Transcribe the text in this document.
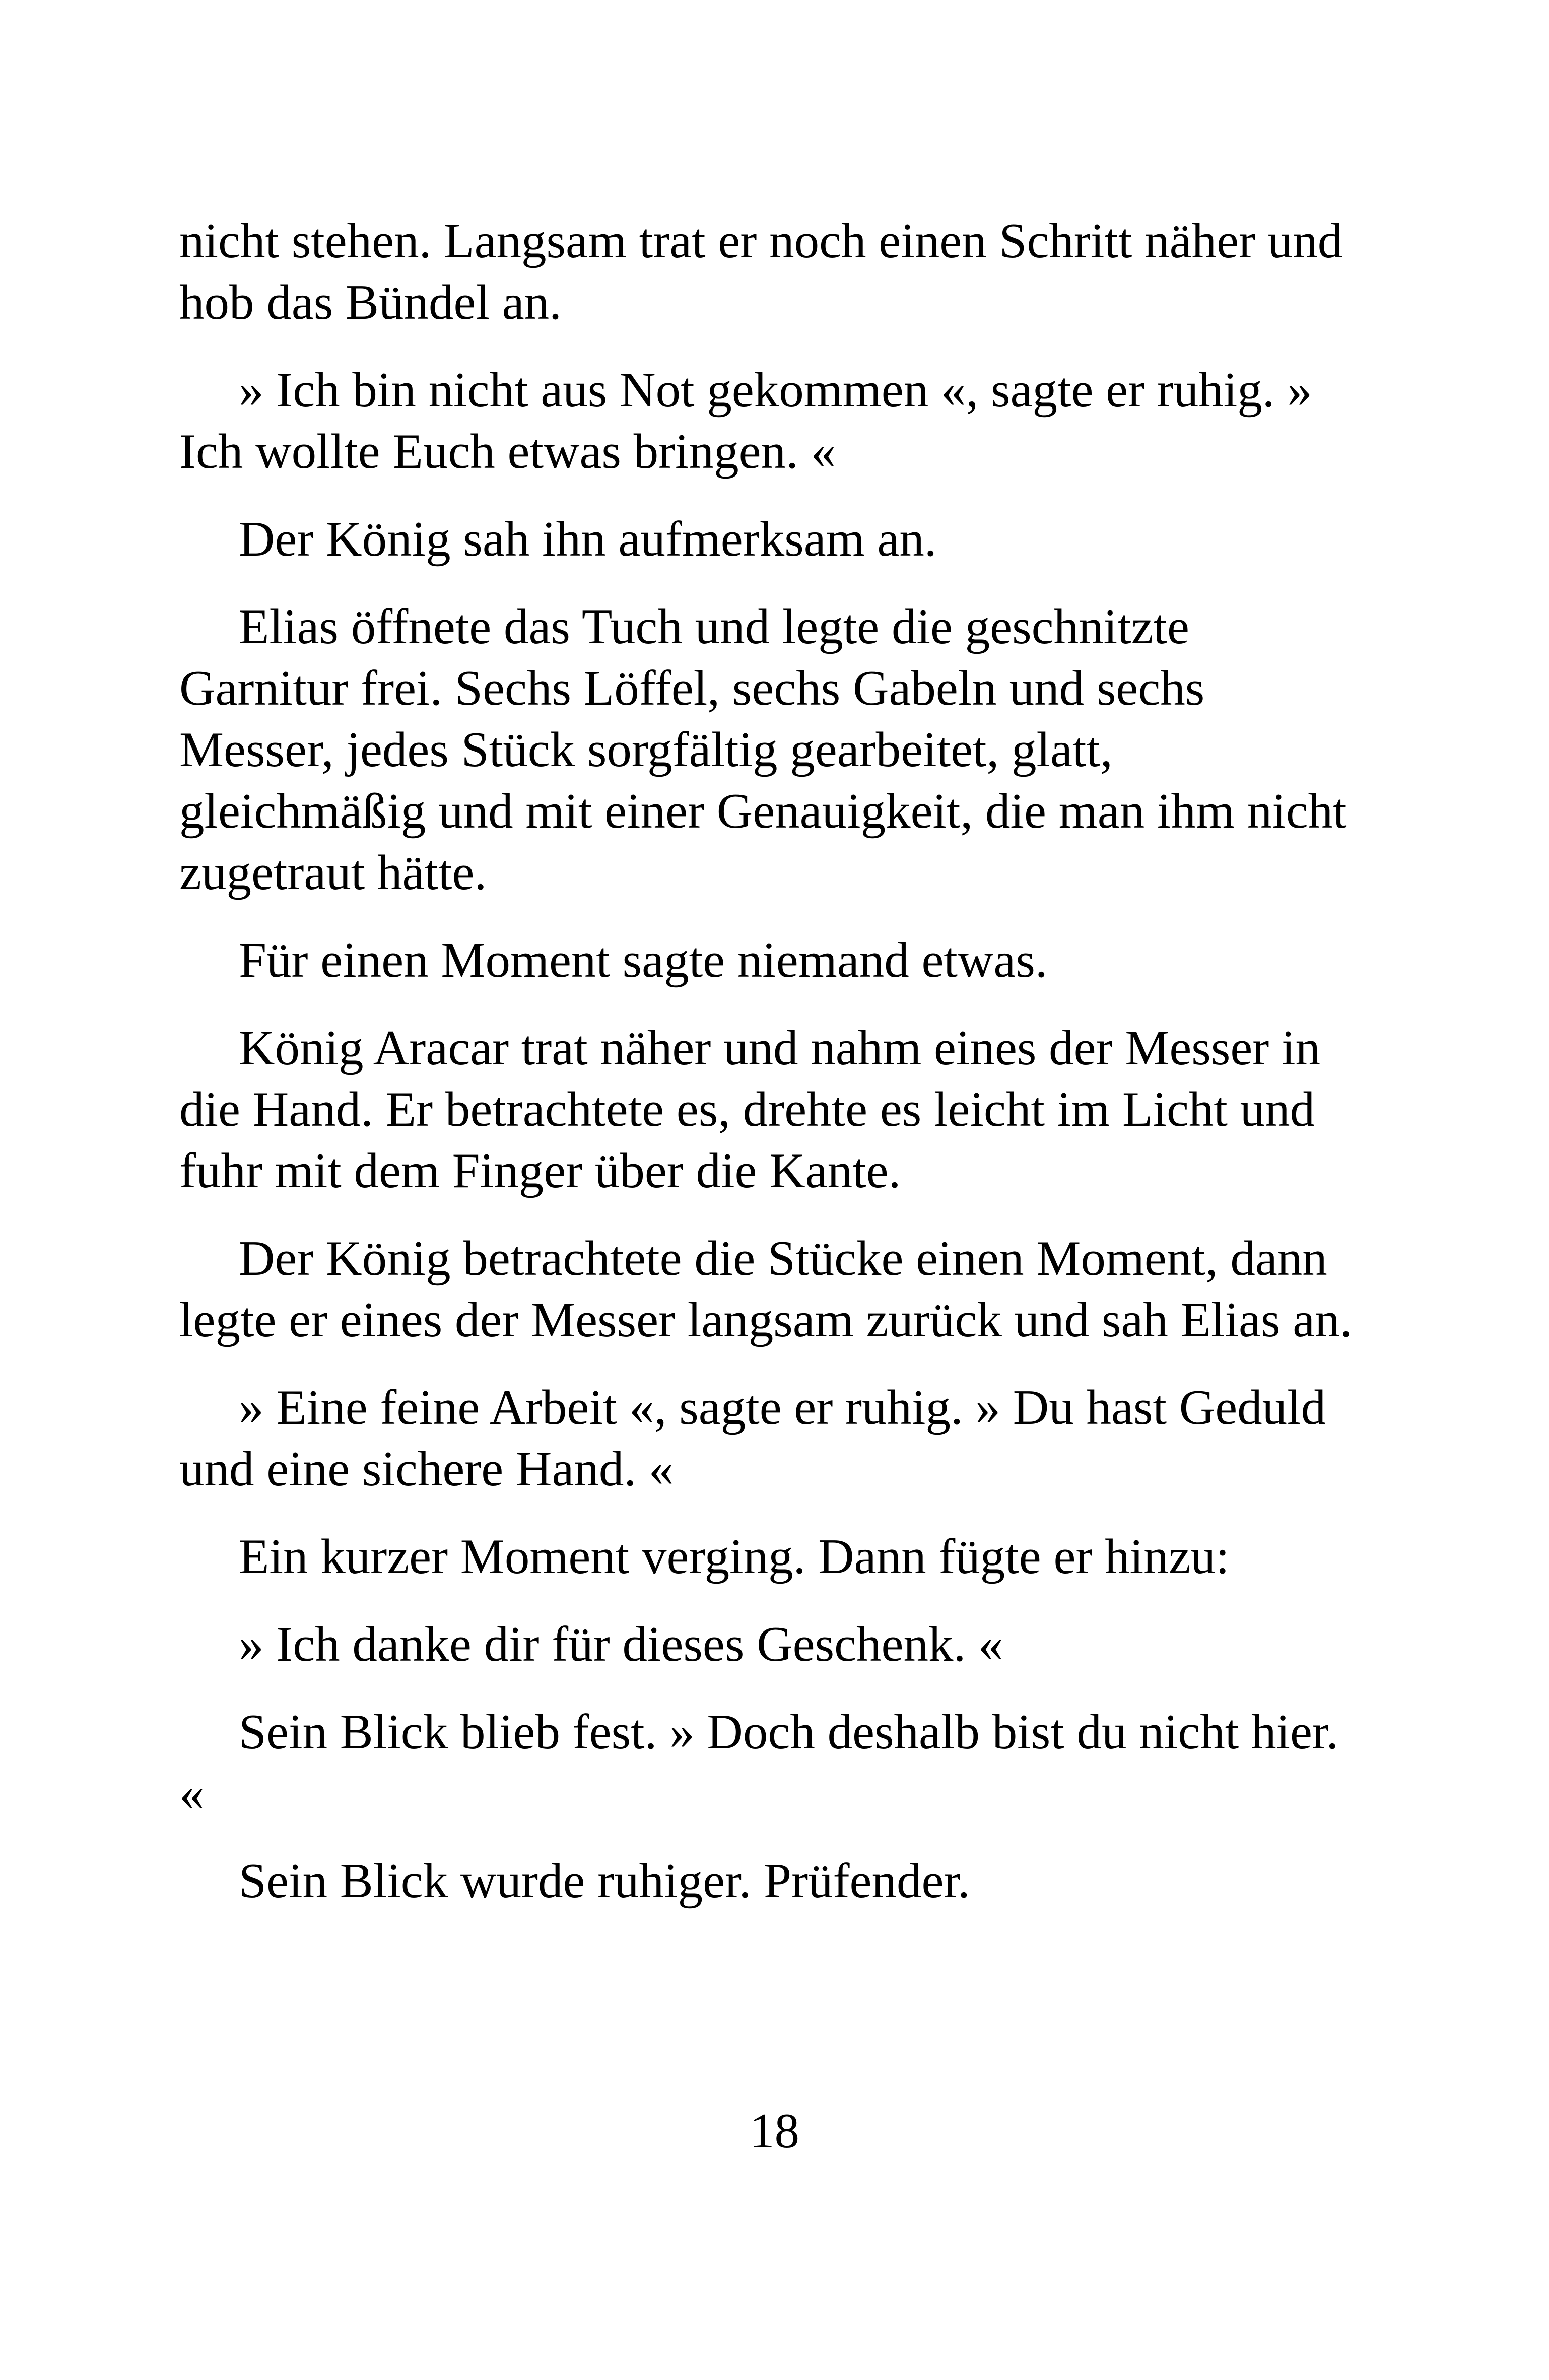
nicht stehen. Langsam trat er noch einen Schritt näher und hob das Bündel an.

» Ich bin nicht aus Not gekommen «, sagte er ruhig. » Ich wollte Euch etwas bringen. «

Der König sah ihn aufmerksam an.

Elias öffnete das Tuch und legte die geschnitzte Garnitur frei. Sechs Löffel, sechs Gabeln und sechs Messer, jedes Stück sorgfältig gearbeitet, glatt, gleichmäßig und mit einer Genauigkeit, die man ihm nicht zugetraut hätte.

Für einen Moment sagte niemand etwas.

König Aracar trat näher und nahm eines der Messer in die Hand. Er betrachtete es, drehte es leicht im Licht und fuhr mit dem Finger über die Kante.

Der König betrachtete die Stücke einen Moment, dann legte er eines der Messer langsam zurück und sah Elias an.

» Eine feine Arbeit «, sagte er ruhig. » Du hast Geduld und eine sichere Hand. «

Ein kurzer Moment verging. Dann fügte er hinzu:

» Ich danke dir für dieses Geschenk. «

Sein Blick blieb fest. » Doch deshalb bist du nicht hier. «

Sein Blick wurde ruhiger. Prüfender.

18
